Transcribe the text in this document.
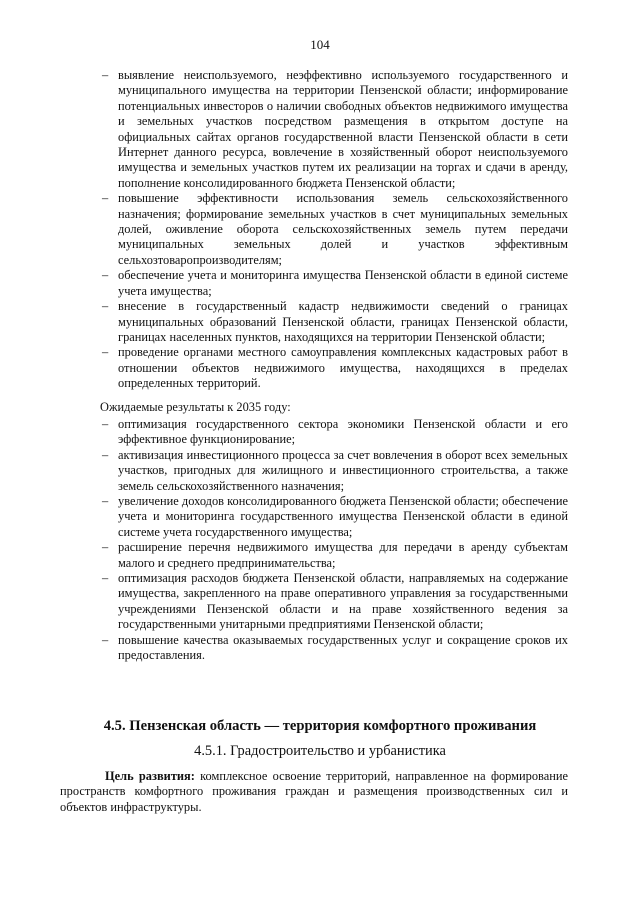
104
– выявление неиспользуемого, неэффективно используемого государственного и муниципального имущества на территории Пензенской области; информирование потенциальных инвесторов о наличии свободных объектов недвижимого имущества и земельных участков посредством размещения в открытом доступе на официальных сайтах органов государственной власти Пензенской области в сети Интернет данного ресурса, вовлечение в хозяйственный оборот неиспользуемого имущества и земельных участков путем их реализации на торгах и сдачи в аренду, пополнение консолидированного бюджета Пензенской области;
– повышение эффективности использования земель сельскохозяйственного назначения; формирование земельных участков в счет муниципальных земельных долей, оживление оборота сельскохозяйственных земель путем передачи муниципальных земельных долей и участков эффективным сельхозтоваропроизводителям;
– обеспечение учета и мониторинга имущества Пензенской области в единой системе учета имущества;
– внесение в государственный кадастр недвижимости сведений о границах муниципальных образований Пензенской области, границах Пензенской области, границах населенных пунктов, находящихся на территории Пензенской области;
– проведение органами местного самоуправления комплексных кадастровых работ в отношении объектов недвижимого имущества, находящихся в пределах определенных территорий.
Ожидаемые результаты к 2035 году:
– оптимизация государственного сектора экономики Пензенской области и его эффективное функционирование;
– активизация инвестиционного процесса за счет вовлечения в оборот всех земельных участков, пригодных для жилищного и инвестиционного строительства, а также земель сельскохозяйственного назначения;
– увеличение доходов консолидированного бюджета Пензенской области; обеспечение учета и мониторинга государственного имущества Пензенской области в единой системе учета государственного имущества;
– расширение перечня недвижимого имущества для передачи в аренду субъектам малого и среднего предпринимательства;
– оптимизация расходов бюджета Пензенской области, направляемых на содержание имущества, закрепленного на праве оперативного управления за государственными учреждениями Пензенской области и на праве хозяйственного ведения за государственными унитарными предприятиями Пензенской области;
– повышение качества оказываемых государственных услуг и сокращение сроков их предоставления.
4.5. Пензенская область — территория комфортного проживания
4.5.1. Градостроительство и урбанистика
Цель развития: комплексное освоение территорий, направленное на формирование пространств комфортного проживания граждан и размещения производственных сил и объектов инфраструктуры.
